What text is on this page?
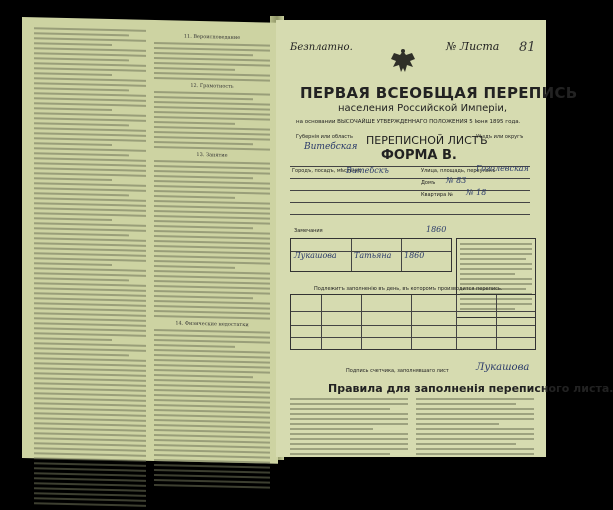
11. Вероисповедание
12. Грамотность
13. Занятие
14. Физические недостатки
Безплатно.	№ Листа
ПЕРВАЯ ВСЕОБЩАЯ ПЕРЕПИСЬ
населения Российской Имперіи,
на основании ВЫСОЧАЙШЕ УТВЕРЖДЕННАГО ПОЛОЖЕНИЯ 5 Іюня 1895 года.
Губернія или область
Витебская
Уѣздъ или округъ
ПЕРЕПИСНОЙ ЛИСТЪ
ФОРМА В.
Городъ, посадъ, мѣстечко
Витебскъ	Улица, площадь, переулокъ
Гоголевская
Домъ № 83
Квартира № № 18
Замечания	1860
Лукашова Татьяна 1860
Подлежитъ заполненію въ день, въ которомъ производится перепись.
Подпись счетчика, заполнявшаго лист	Лукашова
Правила для заполненія переписного листа.
81
